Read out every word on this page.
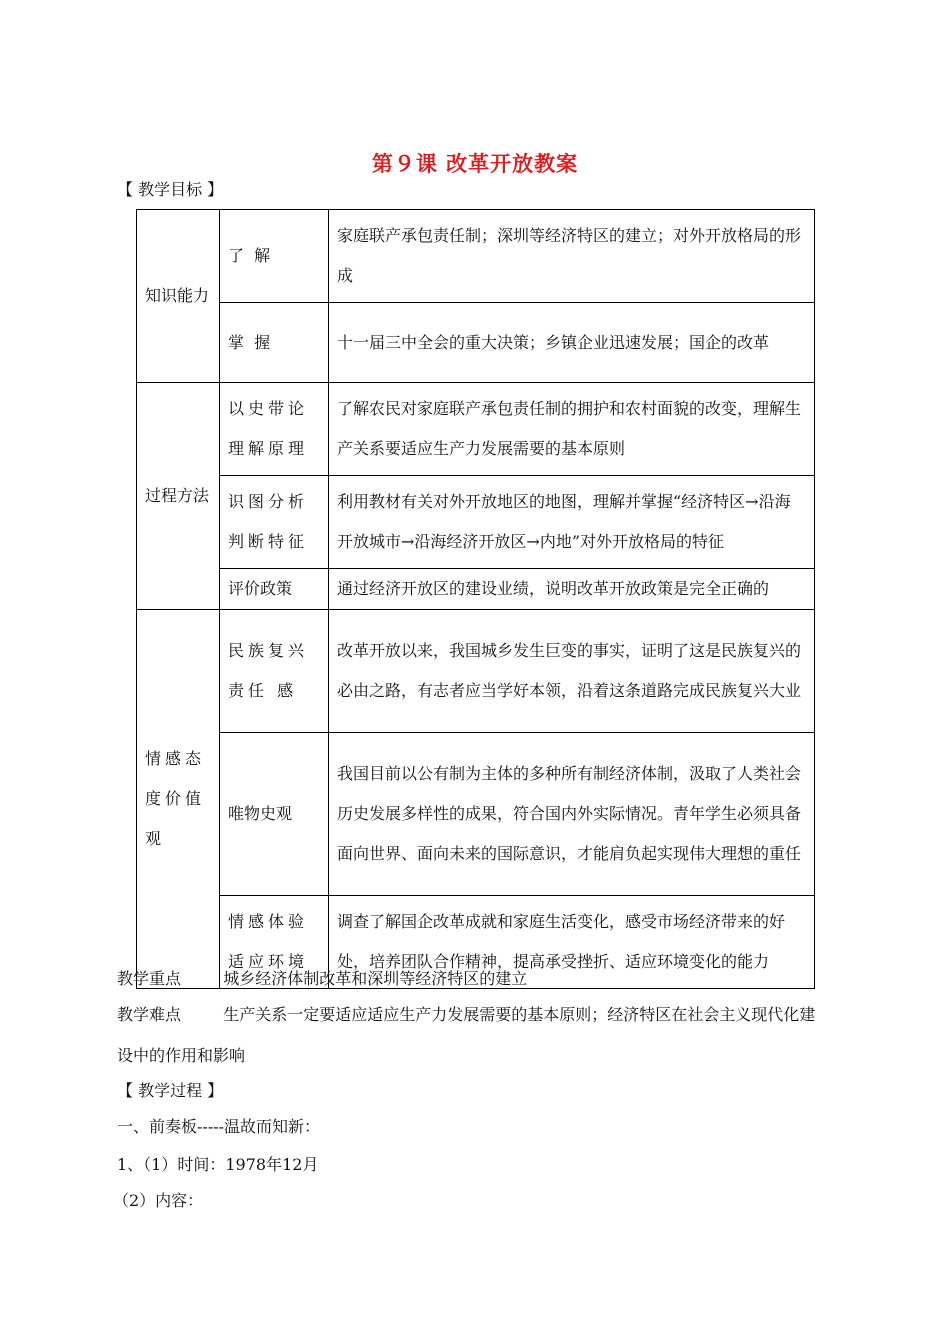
第９课 改革开放教案
【 教学目标 】
知识能力	了  解	家庭联产承包责任制；深圳等经济特区的建立；对外开放格局的形成
	掌  握	十一届三中全会的重大决策；乡镇企业迅速发展；国企的改革
过程方法	以史带论理解原理	了解农民对家庭联产承包责任制的拥护和农村面貌的改变，理解生产关系要适应生产力发展需要的基本原则
	识图分析判断特征	利用教材有关对外开放地区的地图，理解并掌握“经济特区→沿海开放城市→沿海经济开放区→内地”对外开放格局的特征
	评价政策	通过经济开放区的建设业绩，说明改革开放政策是完全正确的
情感态度价值观	民族复兴责任 感	改革开放以来，我国城乡发生巨变的事实，证明了这是民族复兴的必由之路，有志者应当学好本领，沿着这条道路完成民族复兴大业
	唯物史观	我国目前以公有制为主体的多种所有制经济体制，汲取了人类社会历史发展多样性的成果，符合国内外实际情况。青年学生必须具备面向世界、面向未来的国际意识，才能肩负起实现伟大理想的重任
	情感体验适应环境	调查了解国企改革成就和家庭生活变化，感受市场经济带来的好处，培养团队合作精神，提高承受挫折、适应环境变化的能力
教学重点	城乡经济体制改革和深圳等经济特区的建立
教学难点	生产关系一定要适应适应生产力发展需要的基本原则；经济特区在社会主义现代化建
设中的作用和影响
【 教学过程 】
一、前奏板-----温故而知新：
1、（1）时间：1978年12月
（2）内容：
